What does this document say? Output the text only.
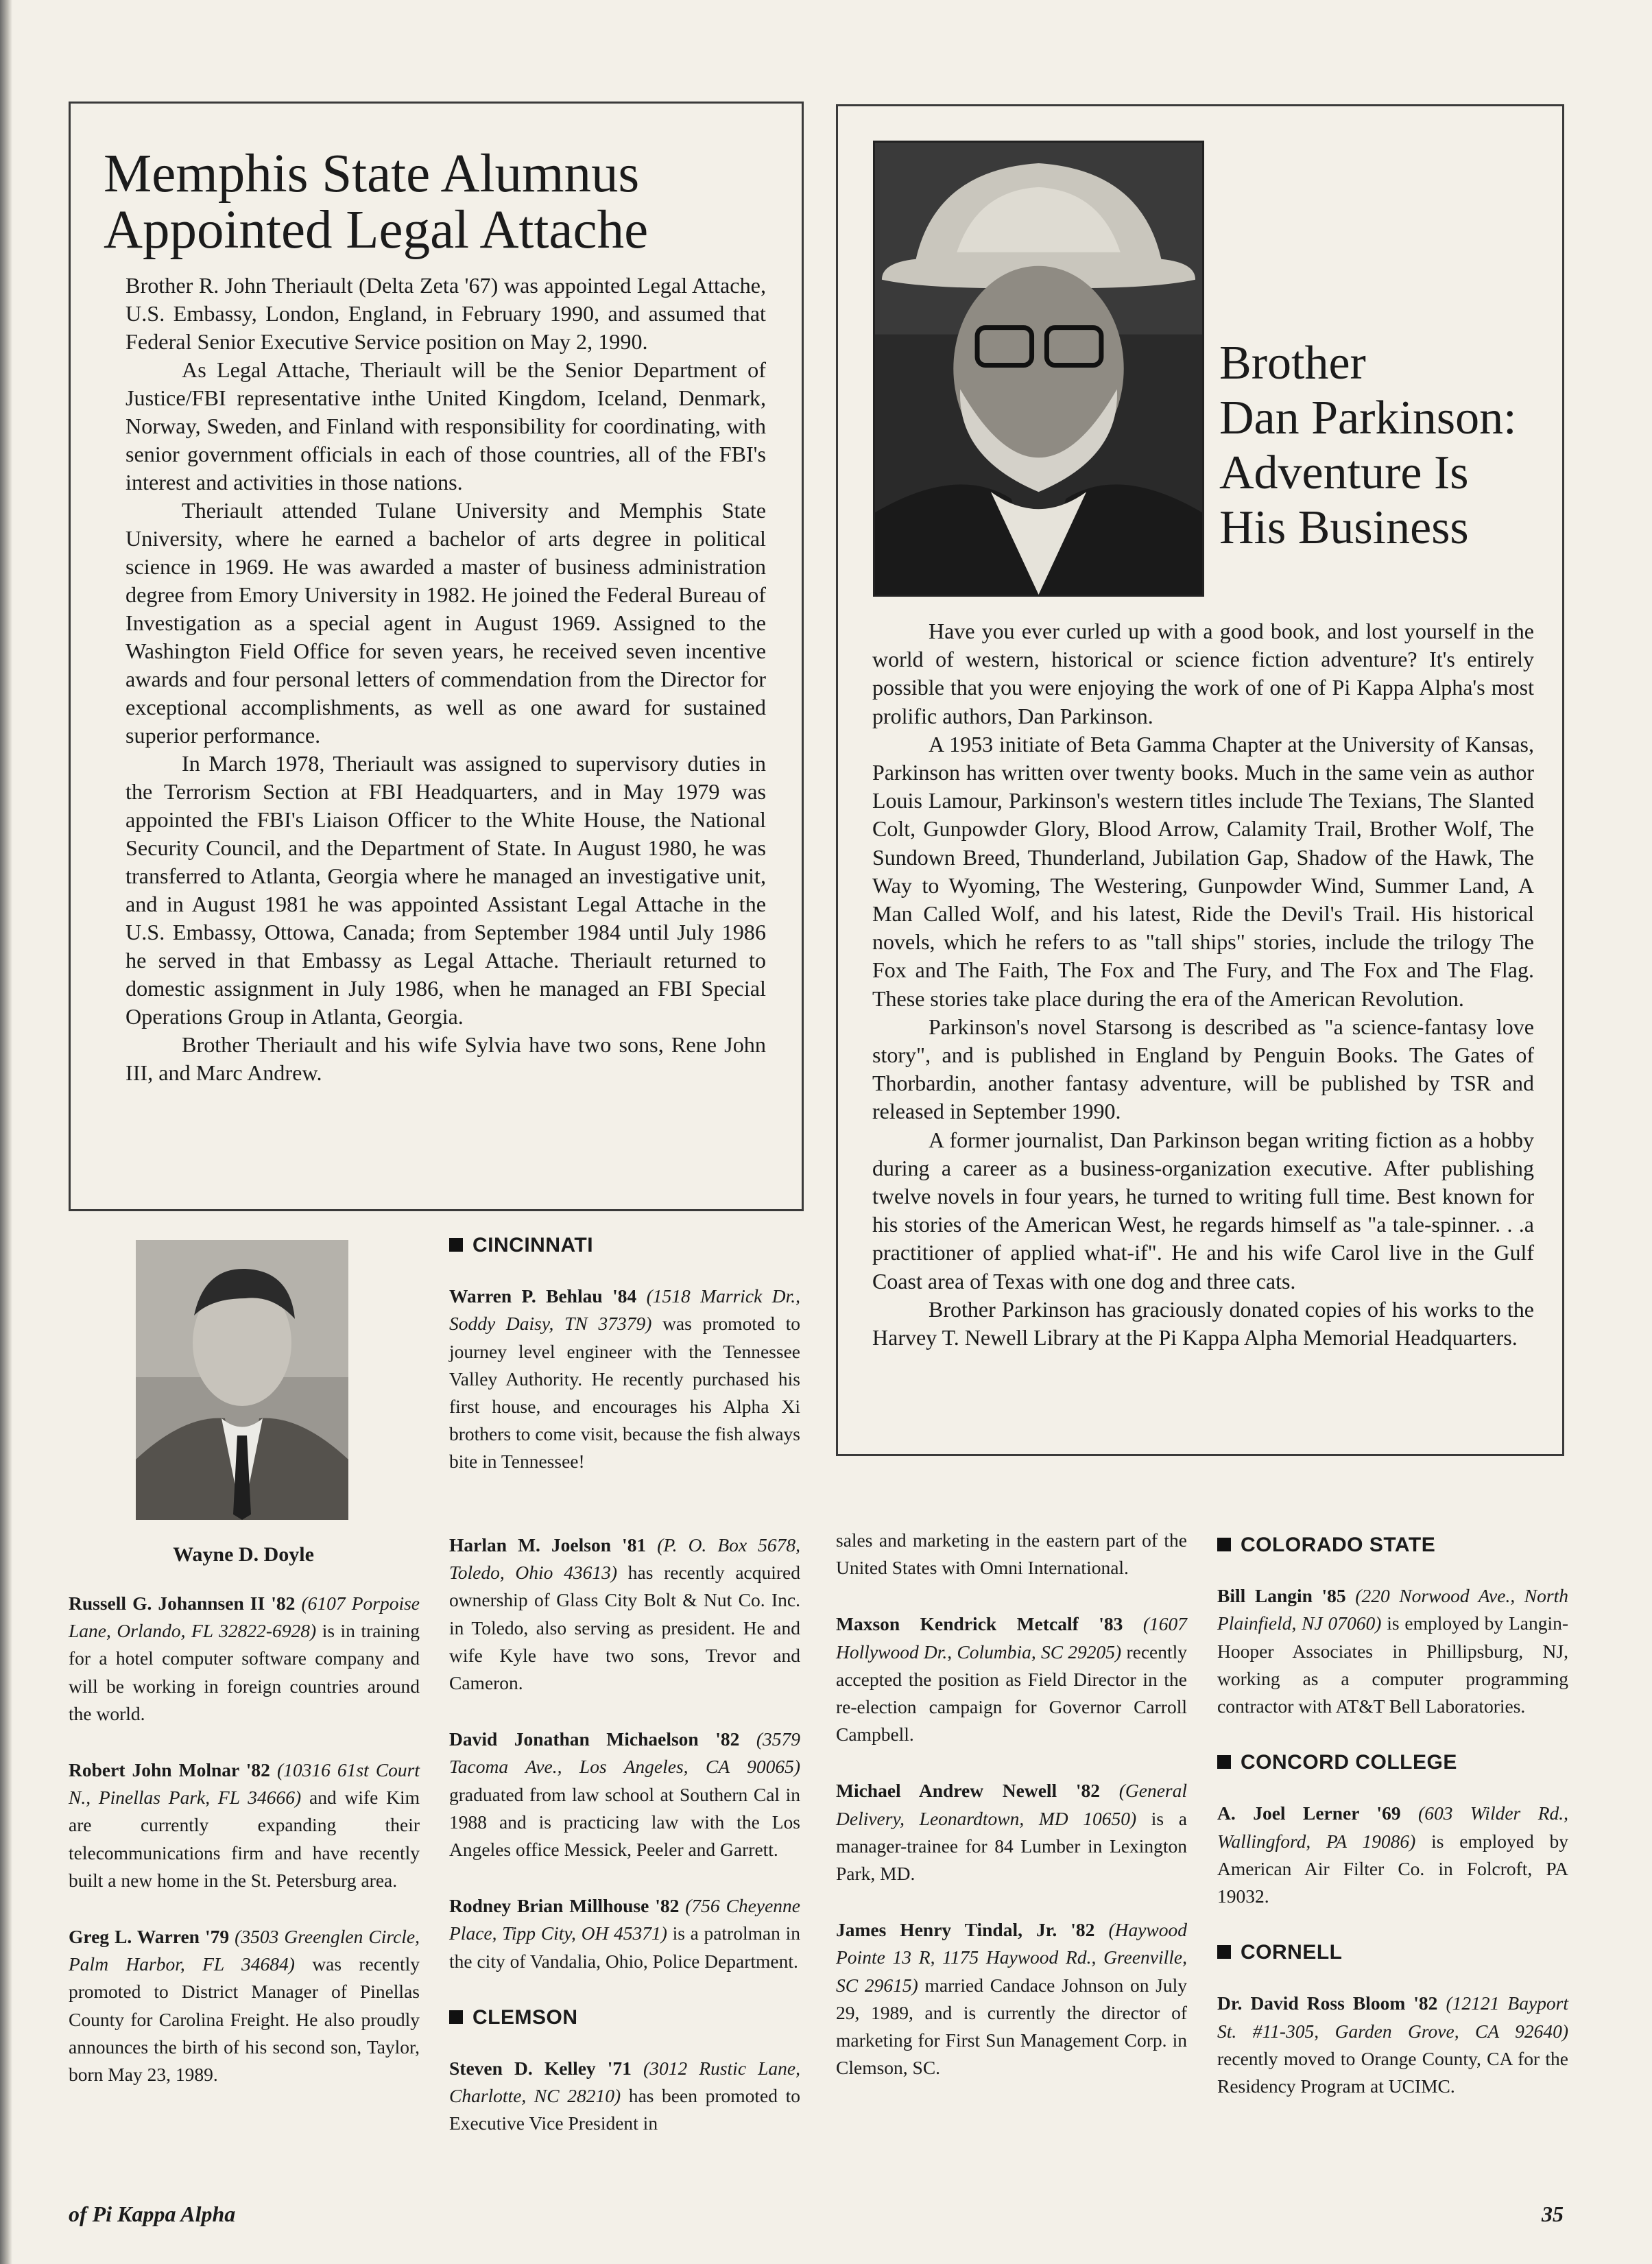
Memphis State Alumnus
Appointed Legal Attache

Brother R. John Theriault (Delta Zeta '67) was appointed Legal Attache, U.S. Embassy, London, England, in February 1990, and assumed that Federal Senior Executive Service position on May 2, 1990.

As Legal Attache, Theriault will be the Senior Department of Justice/FBI representative inthe United Kingdom, Iceland, Denmark, Norway, Sweden, and Finland with responsibility for coordinating, with senior government officials in each of those countries, all of the FBI's interest and activities in those nations.

Theriault attended Tulane University and Memphis State University, where he earned a bachelor of arts degree in political science in 1969. He was awarded a master of business administration degree from Emory University in 1982. He joined the Federal Bureau of Investigation as a special agent in August 1969. Assigned to the Washington Field Office for seven years, he received seven incentive awards and four personal letters of commendation from the Director for exceptional accomplishments, as well as one award for sustained superior performance.

In March 1978, Theriault was assigned to supervisory duties in the Terrorism Section at FBI Headquarters, and in May 1979 was appointed the FBI's Liaison Officer to the White House, the National Security Council, and the Department of State. In August 1980, he was transferred to Atlanta, Georgia where he managed an investigative unit, and in August 1981 he was appointed Assistant Legal Attache in the U.S. Embassy, Ottowa, Canada; from September 1984 until July 1986 he served in that Embassy as Legal Attache. Theriault returned to domestic assignment in July 1986, when he managed an FBI Special Operations Group in Atlanta, Georgia.

Brother Theriault and his wife Sylvia have two sons, Rene John III, and Marc Andrew.

Brother
Dan Parkinson:
Adventure Is
His Business

Have you ever curled up with a good book, and lost yourself in the world of western, historical or science fiction adventure? It's entirely possible that you were enjoying the work of one of Pi Kappa Alpha's most prolific authors, Dan Parkinson.

A 1953 initiate of Beta Gamma Chapter at the University of Kansas, Parkinson has written over twenty books. Much in the same vein as author Louis Lamour, Parkinson's western titles include The Texians, The Slanted Colt, Gunpowder Glory, Blood Arrow, Calamity Trail, Brother Wolf, The Sundown Breed, Thunderland, Jubilation Gap, Shadow of the Hawk, The Way to Wyoming, The Westering, Gunpowder Wind, Summer Land, A Man Called Wolf, and his latest, Ride the Devil's Trail. His historical novels, which he refers to as "tall ships" stories, include the trilogy The Fox and The Faith, The Fox and The Fury, and The Fox and The Flag. These stories take place during the era of the American Revolution.

Parkinson's novel Starsong is described as "a science-fantasy love story", and is published in England by Penguin Books. The Gates of Thorbardin, another fantasy adventure, will be published by TSR and released in September 1990.

A former journalist, Dan Parkinson began writing fiction as a hobby during a career as a business-organization executive. After publishing twelve novels in four years, he turned to writing full time. Best known for his stories of the American West, he regards himself as "a tale-spinner. . .a practitioner of applied what-if". He and his wife Carol live in the Gulf Coast area of Texas with one dog and three cats.

Brother Parkinson has graciously donated copies of his works to the Harvey T. Newell Library at the Pi Kappa Alpha Memorial Headquarters.

Wayne D. Doyle

Russell G. Johannsen II '82 (6107 Porpoise Lane, Orlando, FL 32822-6928) is in training for a hotel computer software company and will be working in foreign countries around the world.

Robert John Molnar '82 (10316 61st Court N., Pinellas Park, FL 34666) and wife Kim are currently expanding their telecommunications firm and have recently built a new home in the St. Petersburg area.

Greg L. Warren '79 (3503 Greenglen Circle, Palm Harbor, FL 34684) was recently promoted to District Manager of Pinellas County for Carolina Freight. He also proudly announces the birth of his second son, Taylor, born May 23, 1989.

CINCINNATI

Warren P. Behlau '84 (1518 Marrick Dr., Soddy Daisy, TN 37379) was promoted to journey level engineer with the Tennessee Valley Authority. He recently purchased his first house, and encourages his Alpha Xi brothers to come visit, because the fish always bite in Tennessee!

Harlan M. Joelson '81 (P. O. Box 5678, Toledo, Ohio 43613) has recently acquired ownership of Glass City Bolt & Nut Co. Inc. in Toledo, also serving as president. He and wife Kyle have two sons, Trevor and Cameron.

David Jonathan Michaelson '82 (3579 Tacoma Ave., Los Angeles, CA 90065) graduated from law school at Southern Cal in 1988 and is practicing law with the Los Angeles office Messick, Peeler and Garrett.

Rodney Brian Millhouse '82 (756 Cheyenne Place, Tipp City, OH 45371) is a patrolman in the city of Vandalia, Ohio, Police Department.

CLEMSON

Steven D. Kelley '71 (3012 Rustic Lane, Charlotte, NC 28210) has been promoted to Executive Vice President in

sales and marketing in the eastern part of the United States with Omni International.

Maxson Kendrick Metcalf '83 (1607 Hollywood Dr., Columbia, SC 29205) recently accepted the position as Field Director in the re-election campaign for Governor Carroll Campbell.

Michael Andrew Newell '82 (General Delivery, Leonardtown, MD 10650) is a manager-trainee for 84 Lumber in Lexington Park, MD.

James Henry Tindal, Jr. '82 (Haywood Pointe 13 R, 1175 Haywood Rd., Greenville, SC 29615) married Candace Johnson on July 29, 1989, and is currently the director of marketing for First Sun Management Corp. in Clemson, SC.

COLORADO STATE

Bill Langin '85 (220 Norwood Ave., North Plainfield, NJ 07060) is employed by Langin-Hooper Associates in Phillipsburg, NJ, working as a computer programming contractor with AT&T Bell Laboratories.

CONCORD COLLEGE

A. Joel Lerner '69 (603 Wilder Rd., Wallingford, PA 19086) is employed by American Air Filter Co. in Folcroft, PA 19032.

CORNELL

Dr. David Ross Bloom '82 (12121 Bayport St. #11-305, Garden Grove, CA 92640) recently moved to Orange County, CA for the Residency Program at UCIMC.

of Pi Kappa Alpha	35
